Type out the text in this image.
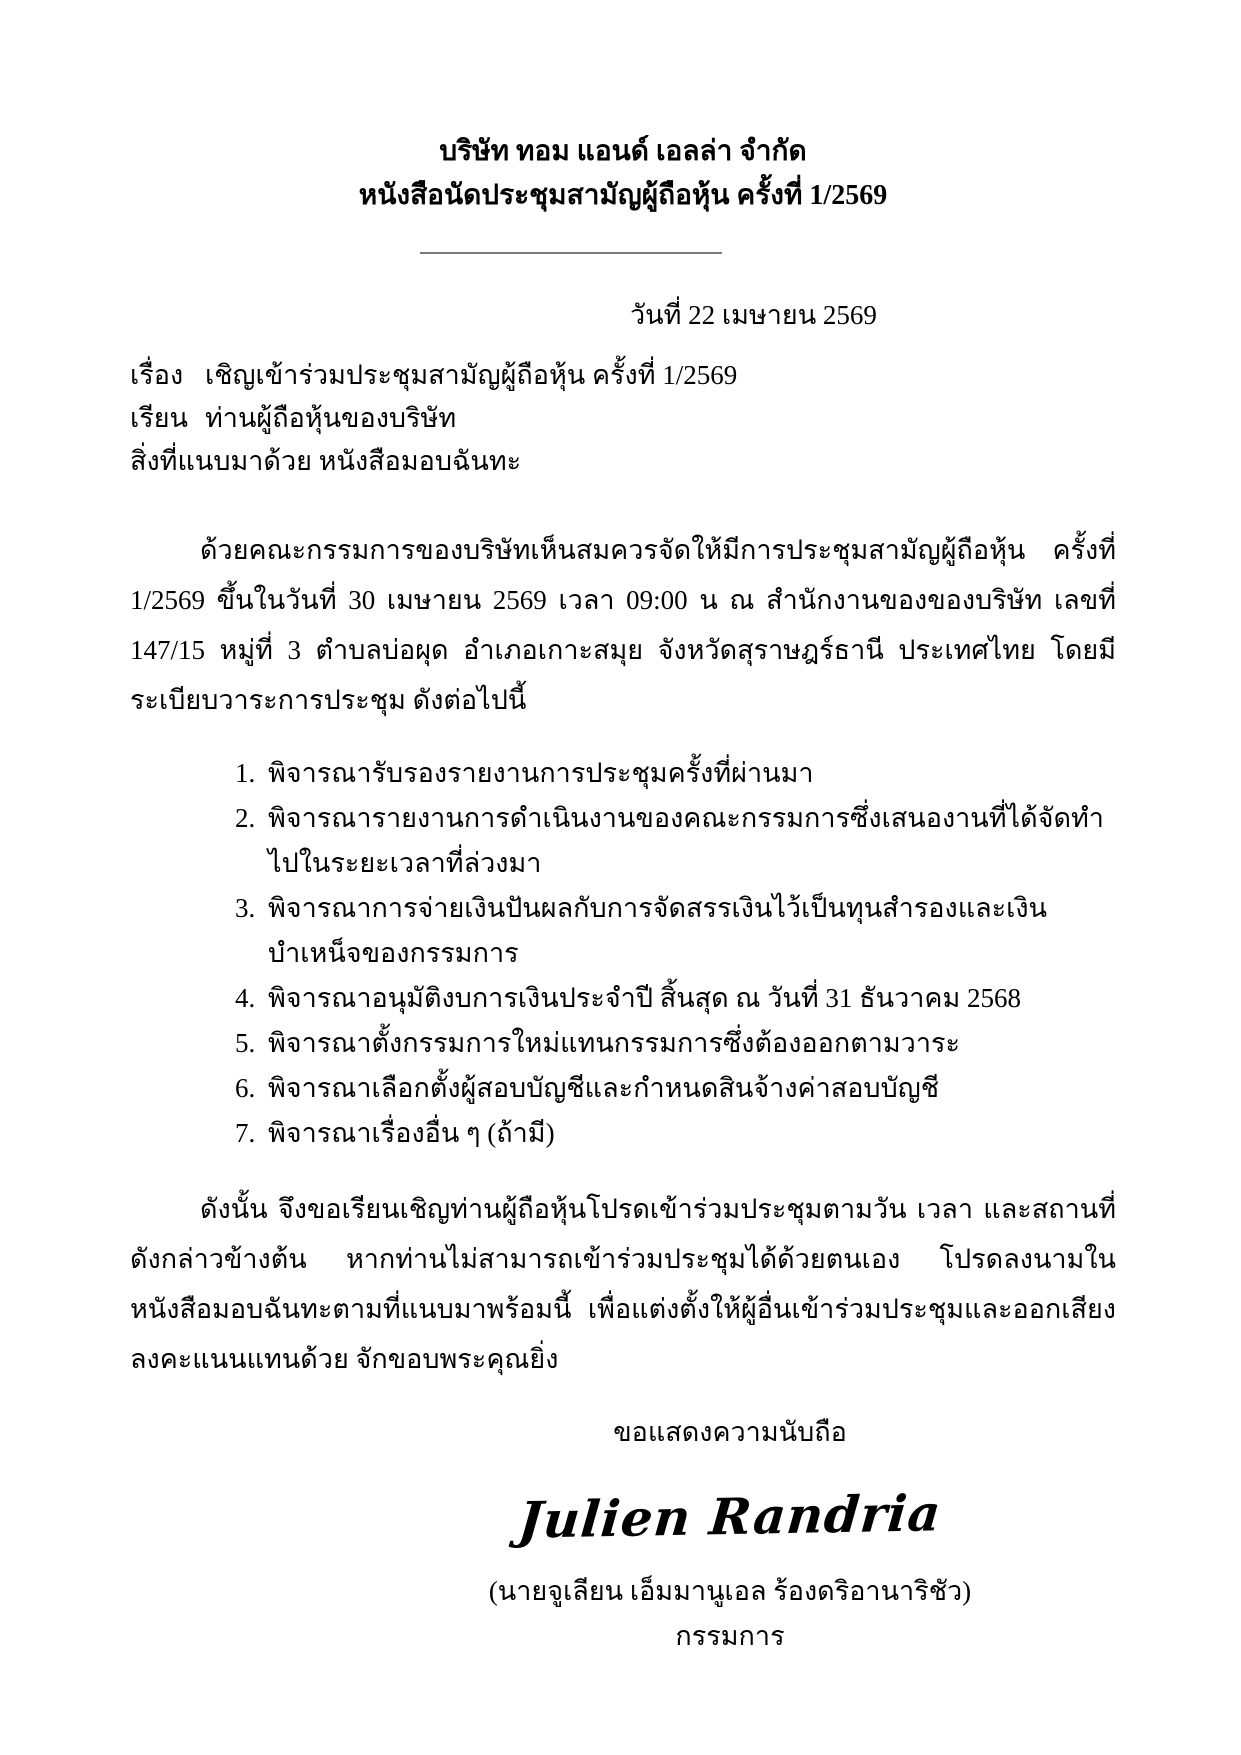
บริษัท ทอม แอนด์ เอลล่า จำกัด
หนังสือนัดประชุมสามัญผู้ถือหุ้น ครั้งที่ 1/2569
วันที่ 22 เมษายน 2569
เรื่อง เชิญเข้าร่วมประชุมสามัญผู้ถือหุ้น ครั้งที่ 1/2569
เรียน ท่านผู้ถือหุ้นของบริษัท
สิ่งที่แนบมาด้วย หนังสือมอบฉันทะ
ด้วยคณะกรรมการของบริษัทเห็นสมควรจัดให้มีการประชุมสามัญผู้ถือหุ้น ครั้งที่ 1/2569 ขึ้นในวันที่ 30 เมษายน 2569 เวลา 09:00 น ณ สำนักงานของของบริษัท เลขที่ 147/15 หมู่ที่ 3 ตำบลบ่อผุด อำเภอเกาะสมุย จังหวัดสุราษฎร์ธานี ประเทศไทย โดยมีระเบียบวาระการประชุม ดังต่อไปนี้
1. พิจารณารับรองรายงานการประชุมครั้งที่ผ่านมา
2. พิจารณารายงานการดำเนินงานของคณะกรรมการซึ่งเสนองานที่ได้จัดทำไปในระยะเวลาที่ล่วงมา
3. พิจารณาการจ่ายเงินปันผลกับการจัดสรรเงินไว้เป็นทุนสำรองและเงินบำเหน็จของกรรมการ
4. พิจารณาอนุมัติงบการเงินประจำปี สิ้นสุด ณ วันที่ 31 ธันวาคม 2568
5. พิจารณาตั้งกรรมการใหม่แทนกรรมการซึ่งต้องออกตามวาระ
6. พิจารณาเลือกตั้งผู้สอบบัญชีและกำหนดสินจ้างค่าสอบบัญชี
7. พิจารณาเรื่องอื่น ๆ (ถ้ามี)
ดังนั้น จึงขอเรียนเชิญท่านผู้ถือหุ้นโปรดเข้าร่วมประชุมตามวัน เวลา และสถานที่ดังกล่าวข้างต้น หากท่านไม่สามารถเข้าร่วมประชุมได้ด้วยตนเอง โปรดลงนามในหนังสือมอบฉันทะตามที่แนบมาพร้อมนี้ เพื่อแต่งตั้งให้ผู้อื่นเข้าร่วมประชุมและออกเสียงลงคะแนนแทนด้วย จักขอบพระคุณยิ่ง
ขอแสดงความนับถือ
Julien Randria
(นายจูเลียน เอ็มมานูเอล ร้องดริอานาริชัว)
กรรมการ
